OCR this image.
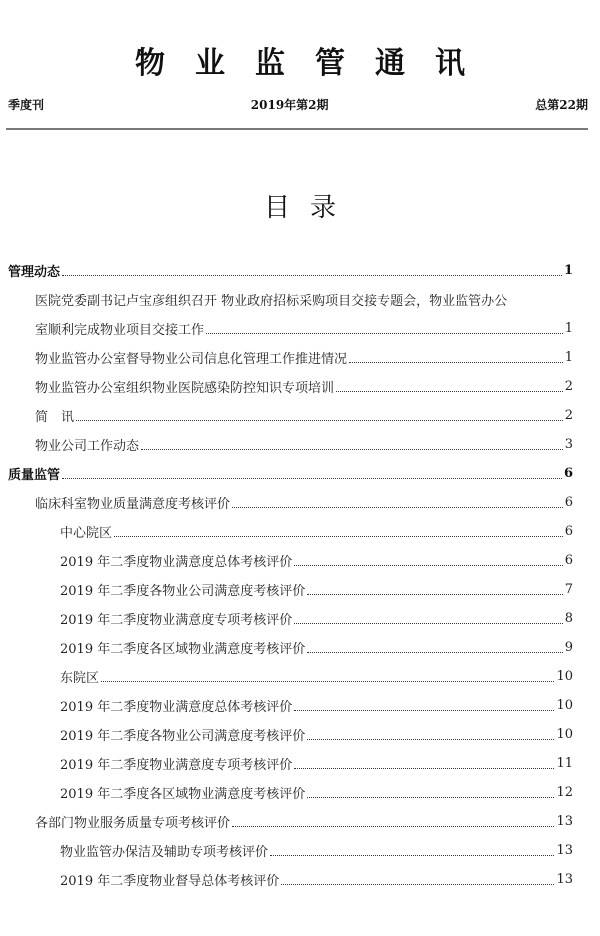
物业监管通讯
季度刊	2019年第2期	总第22期
目录
管理动态	1
医院党委副书记卢宝彦组织召开 物业政府招标采购项目交接专题会，物业监管办公
室顺利完成物业项目交接工作	1
物业监管办公室督导物业公司信息化管理工作推进情况	1
物业监管办公室组织物业医院感染防控知识专项培训	2
简　讯	2
物业公司工作动态	3
质量监管	6
临床科室物业质量满意度考核评价	6
中心院区	6
2019 年二季度物业满意度总体考核评价	6
2019 年二季度各物业公司满意度考核评价	7
2019 年二季度物业满意度专项考核评价	8
2019 年二季度各区域物业满意度考核评价	9
东院区	10
2019 年二季度物业满意度总体考核评价	10
2019 年二季度各物业公司满意度考核评价	10
2019 年二季度物业满意度专项考核评价	11
2019 年二季度各区域物业满意度考核评价	12
各部门物业服务质量专项考核评价	13
物业监管办保洁及辅助专项考核评价	13
2019 年二季度物业督导总体考核评价	13
